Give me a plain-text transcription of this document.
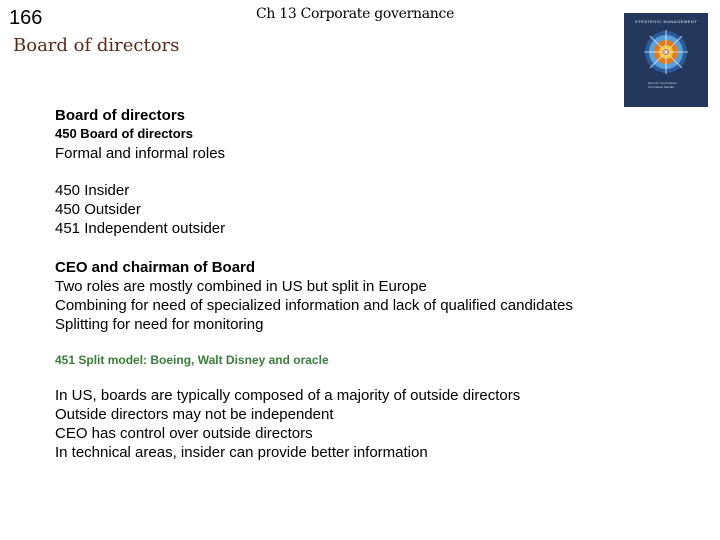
166	Ch 13 Corporate governance
Board of directors
STRATEGIC MANAGEMENT
Kevin R. Cunningham
Tom Daniel Sandler
Board of directors
450 Board of directors
Formal and informal roles
450 Insider
450 Outsider
451 Independent outsider
CEO and chairman of Board
Two roles are mostly combined in US but split in Europe
Combining for need of specialized information and lack of qualified candidates
Splitting for need for monitoring
451 Split model: Boeing, Walt Disney and oracle
In US, boards are typically composed of a majority of outside directors
Outside directors may not be independent
CEO has control over outside directors
In technical areas, insider can provide better information
